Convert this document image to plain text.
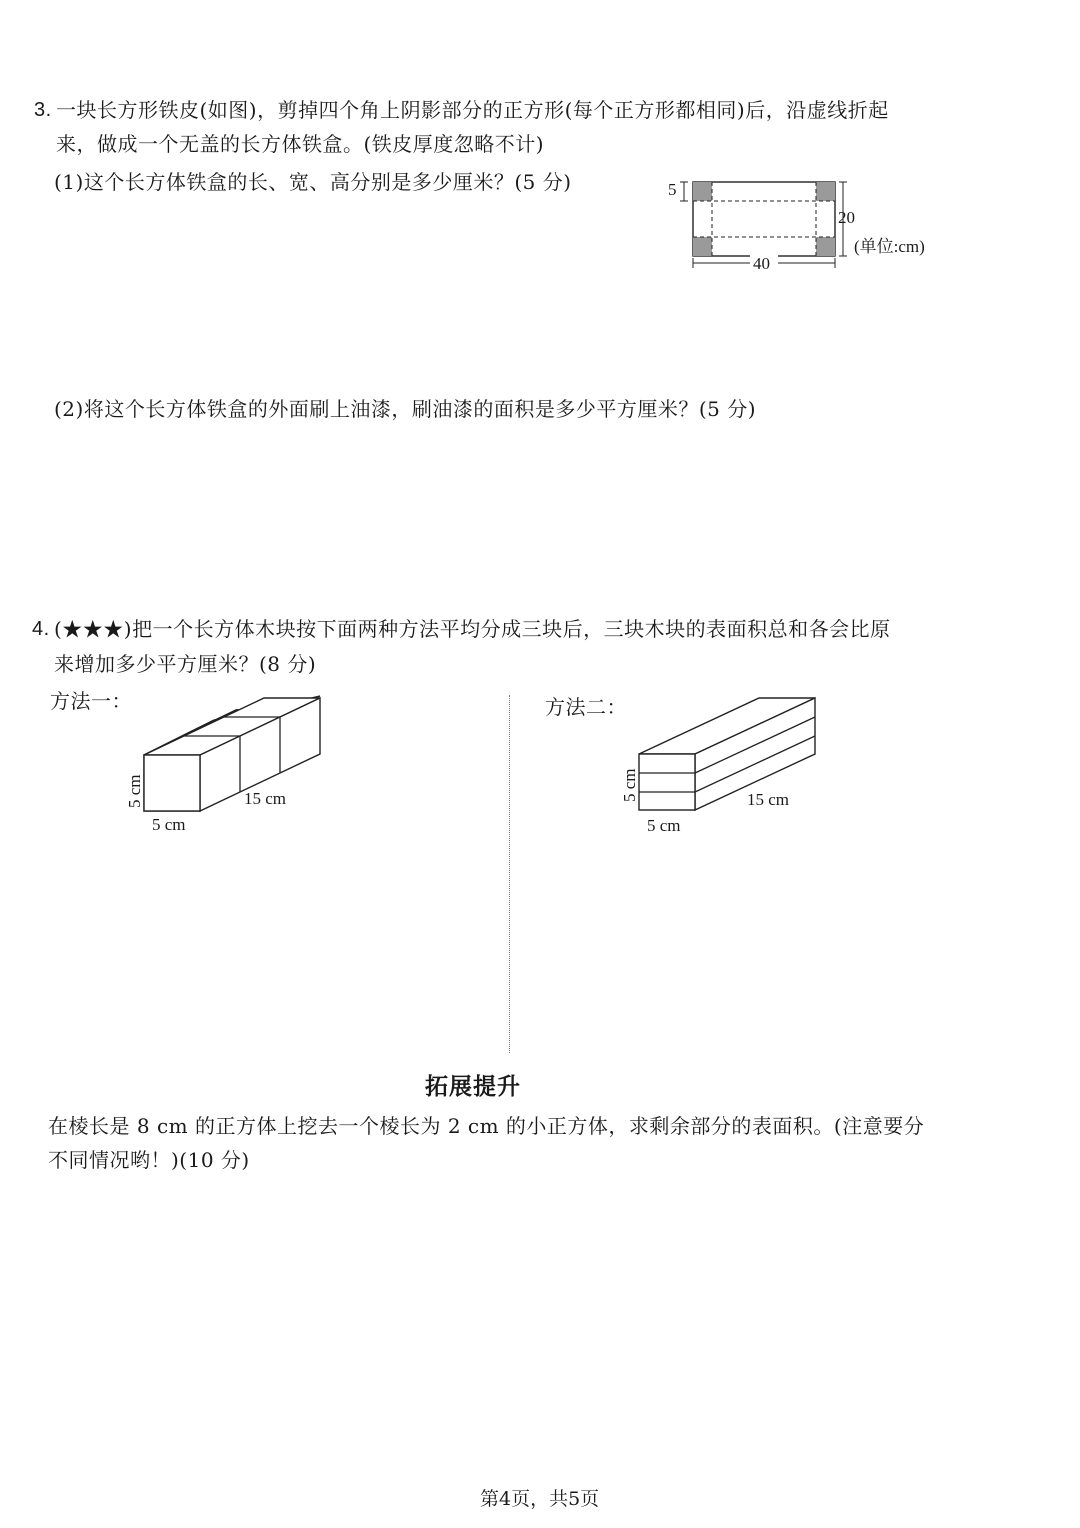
3. 一块长方形铁皮(如图)，剪掉四个角上阴影部分的正方形(每个正方形都相同)后，沿虚线折起
来，做成一个无盖的长方体铁盒。(铁皮厚度忽略不计)
(1)这个长方体铁盒的长、宽、高分别是多少厘米？(5 分)
(2)将这个长方体铁盒的外面刷上油漆，刷油漆的面积是多少平方厘米？(5 分)
5
20
40
(单位:cm)
4. (★★★)把一个长方体木块按下面两种方法平均分成三块后，三块木块的表面积总和各会比原
来增加多少平方厘米？(8 分)
方法一：	方法二：
15 cm
5 cm
5 cm	15 cm
5 cm
5 cm
拓展提升
在棱长是 8 cm 的正方体上挖去一个棱长为 2 cm 的小正方体，求剩余部分的表面积。(注意要分
不同情况哟！)(10 分)
第4页，共5页
